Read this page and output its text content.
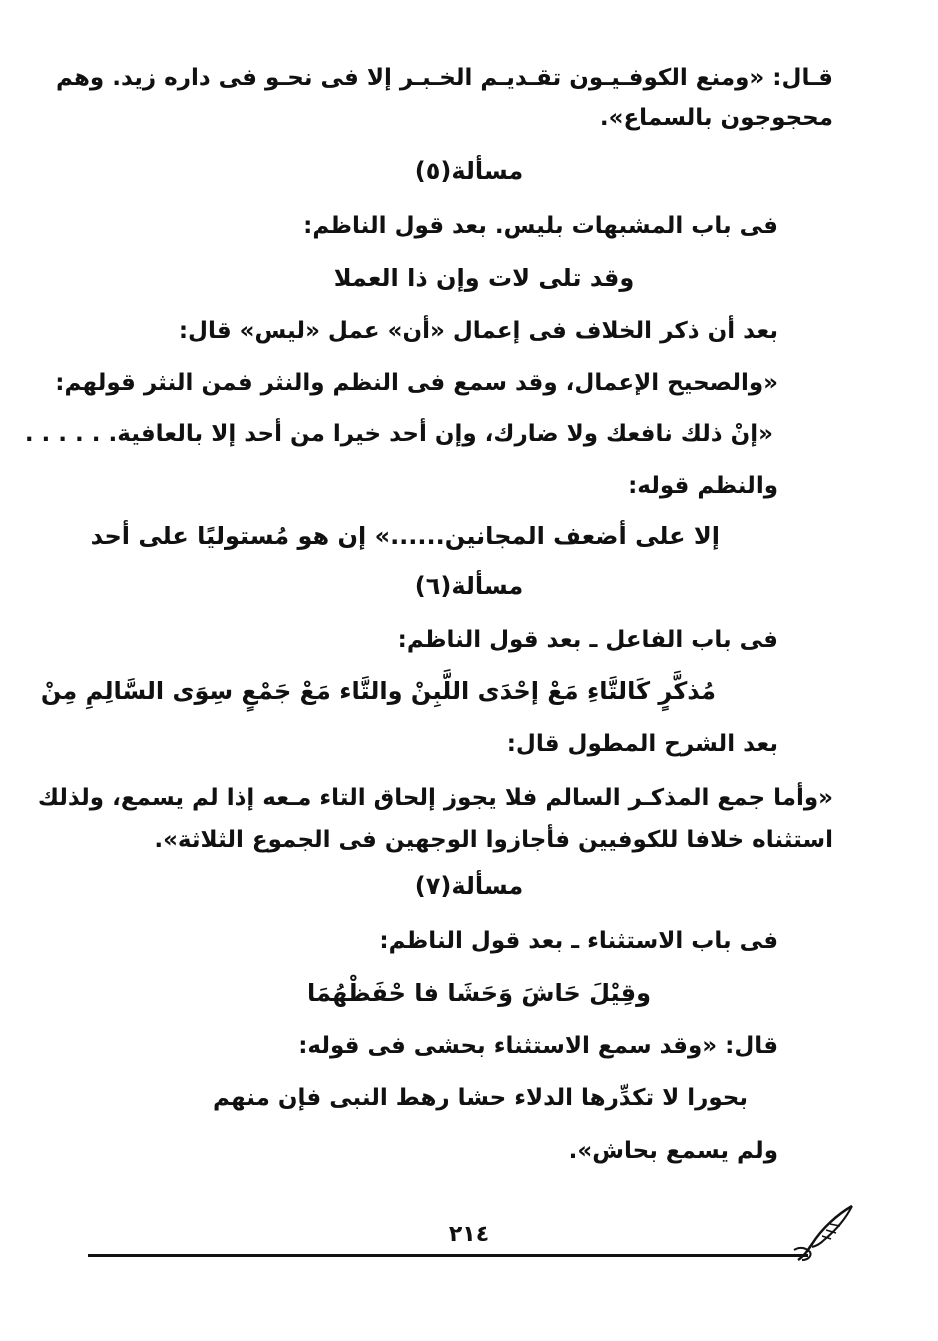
قـال: «ومنع الكوفـيـون تقـديـم الخـبـر إلا فى نحـو فى داره زيد. وهم
محجوجون بالسماع».
مسألة(٥)
فى باب المشبهات بليس. بعد قول الناظم:
وقد تلى لات وإن ذا العملا
بعد أن ذكر الخلاف فى إعمال «أن» عمل «ليس» قال:
«والصحيح الإعمال، وقد سمع فى النظم والنثر فمن النثر قولهم:
«إنْ ذلك نافعك ولا ضارك، وإن أحد خيرا من أحد إلا بالعافية. . . . . .
والنظم قوله:
إن هو مُستوليًا على أحد إلا على أضعف المجانين......»
مسألة(٦)
فى باب الفاعل ـ بعد قول الناظم:
والتَّاء مَعْ جَمْعٍ سِوَى السَّالِمِ مِنْ مُذكَّرٍ كَالتَّاءِ مَعْ إحْدَى اللَّبِنْ
بعد الشرح المطول قال:
«وأما جمع المذكـر السالم فلا يجوز إلحاق التاء مـعه إذا لم يسمع، ولذلك
استثناه خلافا للكوفيين فأجازوا الوجهين فى الجموع الثلاثة».
مسألة(٧)
فى باب الاستثناء ـ بعد قول الناظم:
وقِيْلَ حَاشَ وَحَشَا فا حْفَظْهُمَا
قال: «وقد سمع الاستثناء بحشى فى قوله:
حشا رهط النبى فإن منهم بحورا لا تكدِّرها الدلاء
ولم يسمع بحاش».
٢١٤
